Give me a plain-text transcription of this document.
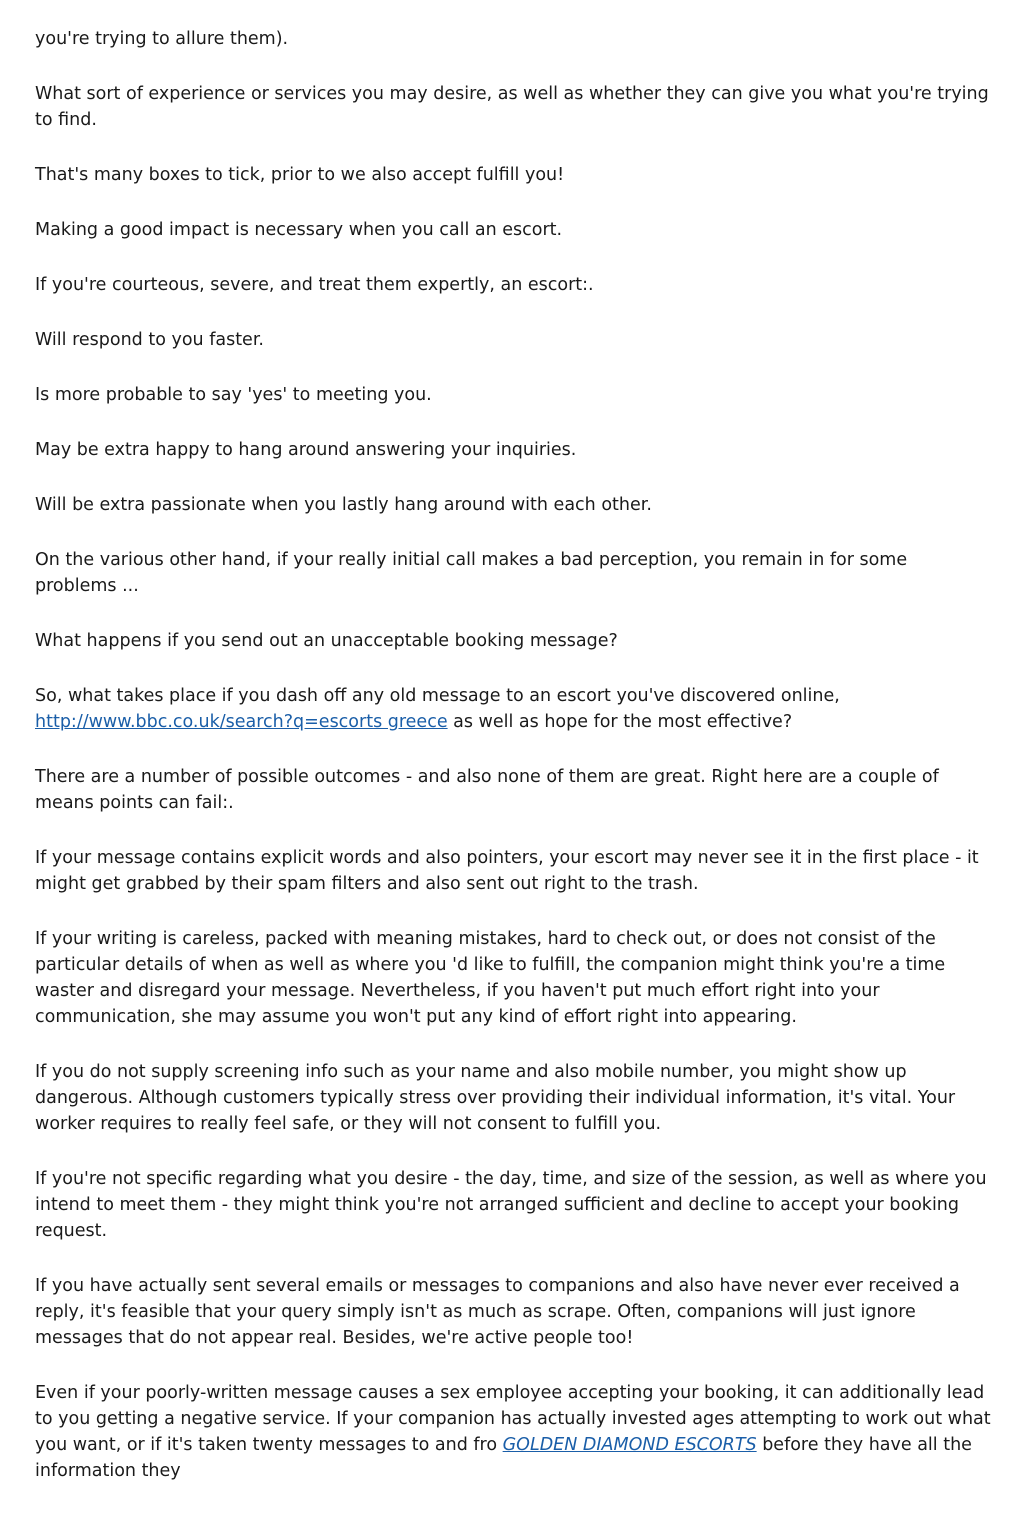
you're trying to allure them).

What sort of experience or services you may desire, as well as whether they can give you what you're trying to find.

That's many boxes to tick, prior to we also accept fulfill you!

Making a good impact is necessary when you call an escort.

If you're courteous, severe, and treat them expertly, an escort:.

Will respond to you faster.

Is more probable to say 'yes' to meeting you.

May be extra happy to hang around answering your inquiries.

Will be extra passionate when you lastly hang around with each other.

On the various other hand, if your really initial call makes a bad perception, you remain in for some problems ...

What happens if you send out an unacceptable booking message?

So, what takes place if you dash off any old message to an escort you've discovered online, http://www.bbc.co.uk/search?q=escorts greece as well as hope for the most effective?

There are a number of possible outcomes - and also none of them are great. Right here are a couple of means points can fail:.

If your message contains explicit words and also pointers, your escort may never see it in the first place - it might get grabbed by their spam filters and also sent out right to the trash.

If your writing is careless, packed with meaning mistakes, hard to check out, or does not consist of the particular details of when as well as where you 'd like to fulfill, the companion might think you're a time waster and disregard your message. Nevertheless, if you haven't put much effort right into your communication, she may assume you won't put any kind of effort right into appearing.

If you do not supply screening info such as your name and also mobile number, you might show up dangerous. Although customers typically stress over providing their individual information, it's vital. Your worker requires to really feel safe, or they will not consent to fulfill you.

If you're not specific regarding what you desire - the day, time, and size of the session, as well as where you intend to meet them - they might think you're not arranged sufficient and decline to accept your booking request.

If you have actually sent several emails or messages to companions and also have never ever received a reply, it's feasible that your query simply isn't as much as scrape. Often, companions will just ignore messages that do not appear real. Besides, we're active people too!

Even if your poorly-written message causes a sex employee accepting your booking, it can additionally lead to you getting a negative service. If your companion has actually invested ages attempting to work out what you want, or if it's taken twenty messages to and fro GOLDEN DIAMOND ESCORTS before they have all the information they
